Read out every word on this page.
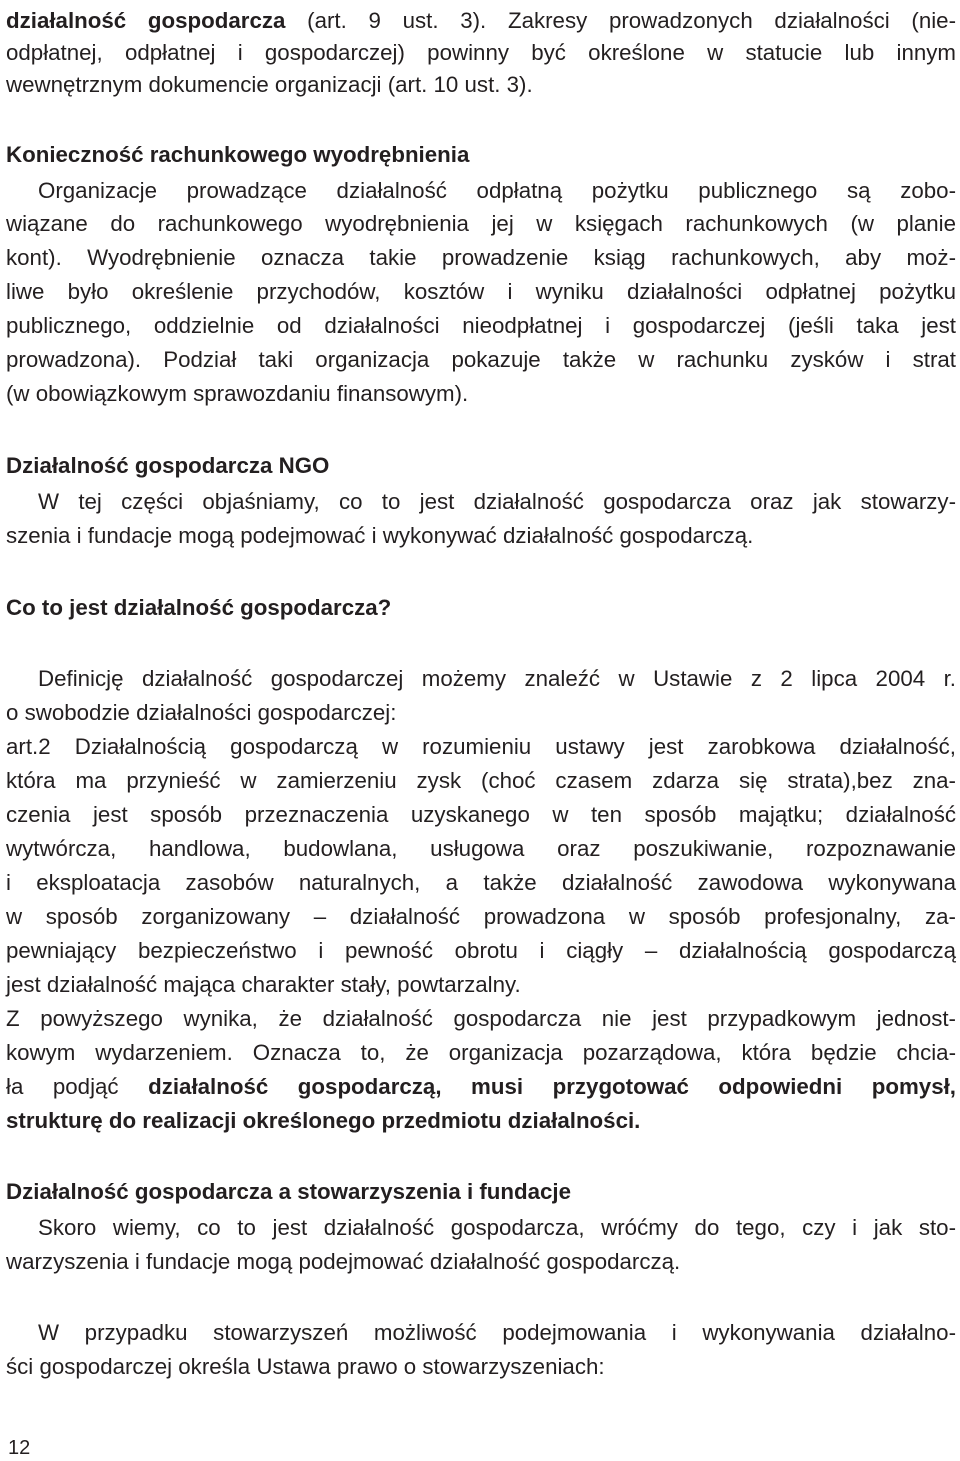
działalność gospodarcza (art. 9 ust. 3). Zakresy prowadzonych działalności (nie-

odpłatnej, odpłatnej i gospodarczej) powinny być określone w statucie lub innym

wewnętrznym dokumencie organizacji (art. 10 ust. 3).

Konieczność rachunkowego wyodrębnienia

Organizacje prowadzące działalność odpłatną pożytku publicznego są zobo-

wiązane do rachunkowego wyodrębnienia jej w księgach rachunkowych (w planie

kont). Wyodrębnienie oznacza takie prowadzenie ksiąg rachunkowych, aby moż-

liwe było określenie przychodów, kosztów i wyniku działalności odpłatnej pożytku

publicznego, oddzielnie od działalności nieodpłatnej i gospodarczej (jeśli taka jest

prowadzona). Podział taki organizacja pokazuje także w rachunku zysków i strat

(w obowiązkowym sprawozdaniu finansowym).

Działalność gospodarcza NGO

W tej części objaśniamy, co to jest działalność gospodarcza oraz jak stowarzy-

szenia i fundacje mogą podejmować i wykonywać działalność gospodarczą.

Co to jest działalność gospodarcza?

Definicję działalność gospodarczej możemy znaleźć w Ustawie z 2 lipca 2004 r.

o swobodzie działalności gospodarczej:

art.2 Działalnością gospodarczą w rozumieniu ustawy jest zarobkowa działalność,

która ma przynieść w zamierzeniu zysk (choć czasem zdarza się strata),bez zna-

czenia jest sposób przeznaczenia uzyskanego w ten sposób majątku; działalność

wytwórcza, handlowa, budowlana, usługowa oraz poszukiwanie, rozpoznawanie

i eksploatacja zasobów naturalnych, a także działalność zawodowa wykonywana

w sposób zorganizowany – działalność prowadzona w sposób profesjonalny, za-

pewniający bezpieczeństwo i pewność obrotu i ciągły – działalnością gospodarczą

jest działalność mająca charakter stały, powtarzalny.

Z powyższego wynika, że działalność gospodarcza nie jest przypadkowym jednost-

kowym wydarzeniem. Oznacza to, że organizacja pozarządowa, która będzie chcia-

ła podjąć działalność gospodarczą, musi przygotować odpowiedni pomysł,

strukturę do realizacji określonego przedmiotu działalności.

Działalność gospodarcza a stowarzyszenia i fundacje

Skoro wiemy, co to jest działalność gospodarcza, wróćmy do tego, czy i jak sto-

warzyszenia i fundacje mogą podejmować działalność gospodarczą.

W przypadku stowarzyszeń możliwość podejmowania i wykonywania działalno-

ści gospodarczej określa Ustawa prawo o stowarzyszeniach:

12
